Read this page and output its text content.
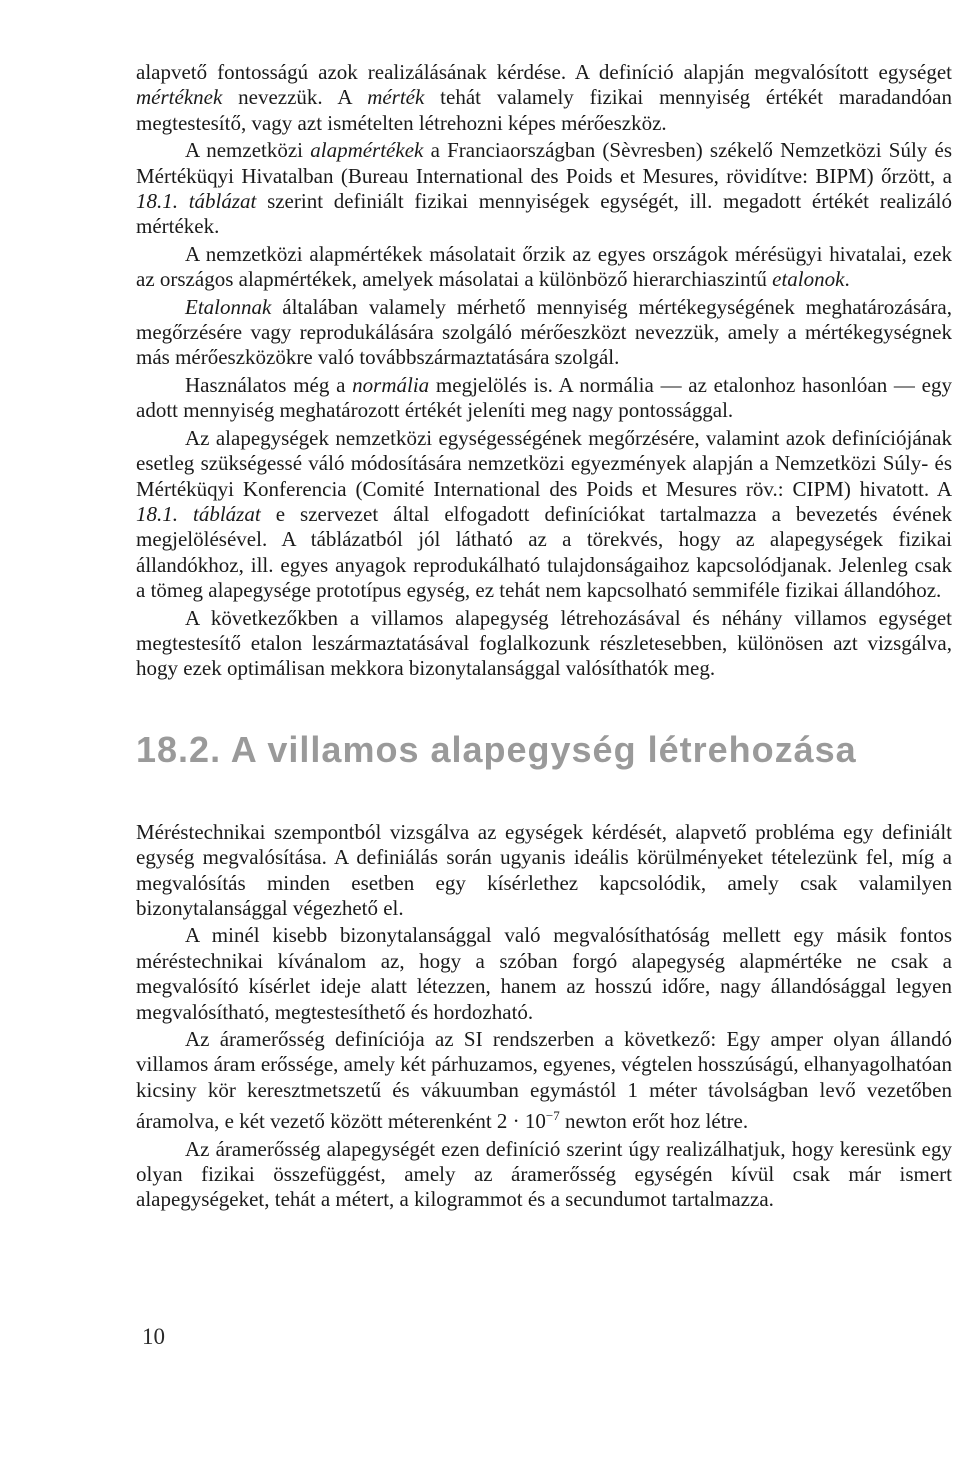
alapvető fontosságú azok realizálásának kérdése. A definíció alapján megvalósított egységet mértéknek nevezzük. A mérték tehát valamely fizikai mennyiség értékét maradandóan megtestesítő, vagy azt ismételten létrehozni képes mérőeszköz.

A nemzetközi alapmértékek a Franciaországban (Sèvresben) székelő Nemzetközi Súly és Mértéküqyi Hivatalban (Bureau International des Poids et Mesures, rövidítve: BIPM) őrzött, a 18.1. táblázat szerint definiált fizikai mennyiségek egységét, ill. megadott értékét realizáló mértékek.

A nemzetközi alapmértékek másolatait őrzik az egyes országok mérésügyi hivatalai, ezek az országos alapmértékek, amelyek másolatai a különböző hierarchiaszintű etalonok.

Etalonnak általában valamely mérhető mennyiség mértékegységének meghatározására, megőrzésére vagy reprodukálására szolgáló mérőeszközt nevezzük, amely a mértékegységnek más mérőeszközökre való továbbszármaztatására szolgál.

Használatos még a normália megjelölés is. A normália — az etalonhoz hasonlóan — egy adott mennyiség meghatározott értékét jeleníti meg nagy pontossággal.

Az alapegységek nemzetközi egységességének megőrzésére, valamint azok definíciójának esetleg szükségessé váló módosítására nemzetközi egyezmények alapján a Nemzetközi Súly- és Mértéküqyi Konferencia (Comité International des Poids et Mesures röv.: CIPM) hivatott. A 18.1. táblázat e szervezet által elfogadott definíciókat tartalmazza a bevezetés évének megjelölésével. A táblázatból jól látható az a törekvés, hogy az alapegységek fizikai állandókhoz, ill. egyes anyagok reprodukálható tulajdonságaihoz kapcsolódjanak. Jelenleg csak a tömeg alapegysége prototípus egység, ez tehát nem kapcsolható semmiféle fizikai állandóhoz.

A következőkben a villamos alapegység létrehozásával és néhány villamos egységet megtestesítő etalon leszármaztatásával foglalkozunk részletesebben, különösen azt vizsgálva, hogy ezek optimálisan mekkora bizonytalansággal valósíthatók meg.

18.2. A villamos alapegység létrehozása

Méréstechnikai szempontból vizsgálva az egységek kérdését, alapvető probléma egy definiált egység megvalósítása. A definiálás során ugyanis ideális körülményeket tételezünk fel, míg a megvalósítás minden esetben egy kísérlethez kapcsolódik, amely csak valamilyen bizonytalansággal végezhető el.

A minél kisebb bizonytalansággal való megvalósíthatóság mellett egy másik fontos méréstechnikai kívánalom az, hogy a szóban forgó alapegység alapmértéke ne csak a megvalósító kísérlet ideje alatt létezzen, hanem az hosszú időre, nagy állandósággal legyen megvalósítható, megtestesíthető és hordozható.

Az áramerősség definíciója az SI rendszerben a következő: Egy amper olyan állandó villamos áram erőssége, amely két párhuzamos, egyenes, végtelen hosszúságú, elhanyagolhatóan kicsiny kör keresztmetszetű és vákuumban egymástól 1 méter távolságban levő vezetőben áramolva, e két vezető között méterenként $2 \cdot 10^{-7}$ newton erőt hoz létre.

Az áramerősség alapegységét ezen definíció szerint úgy realizálhatjuk, hogy keresünk egy olyan fizikai összefüggést, amely az áramerősség egységén kívül csak már ismert alapegységeket, tehát a métert, a kilogrammot és a secundumot tartalmazza.

10
